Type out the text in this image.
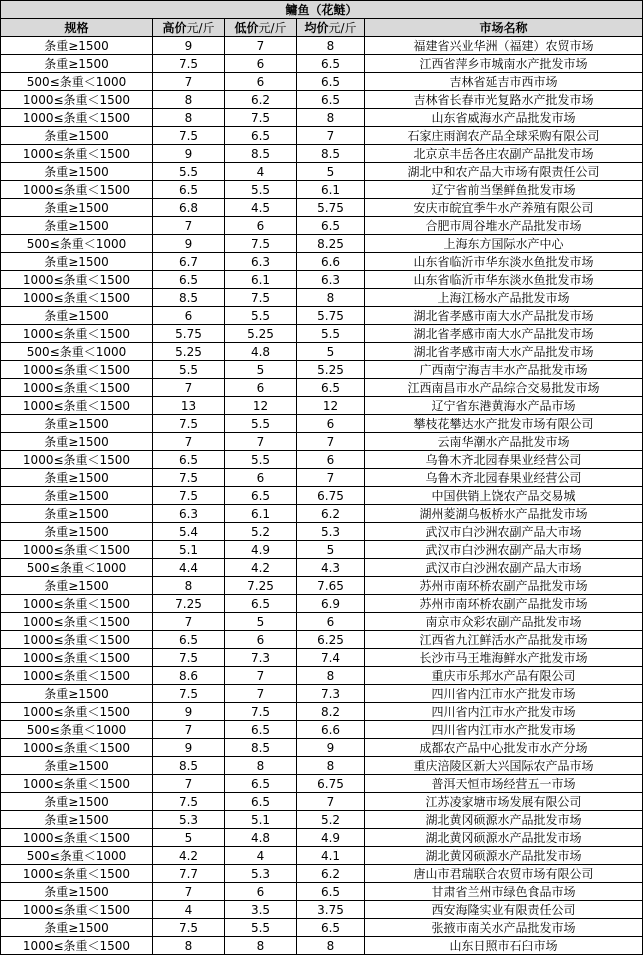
鳙鱼（花鲢）				
规格	高价元/斤	低价元/斤	均价元/斤	市场名称
条重≥1500	9	7	8	福建省兴业华洲（福建）农贸市场
条重≥1500	7.5	6	6.5	江西省萍乡市城南水产批发市场
500≤条重＜1000	7	6	6.5	吉林省延吉市西市场
1000≤条重＜1500	8	6.2	6.5	吉林省长春市光复路水产批发市场
1000≤条重＜1500	8	7.5	8	山东省威海水产品批发市场
条重≥1500	7.5	6.5	7	石家庄雨润农产品全球采购有限公司
1000≤条重＜1500	9	8.5	8.5	北京京丰岳各庄农副产品批发市场
条重≥1500	5.5	4	5	湖北中和农产品大市场有限责任公司
1000≤条重＜1500	6.5	5.5	6.1	辽宁省前当堡鲜鱼批发市场
条重≥1500	6.8	4.5	5.75	安庆市皖宜季牛水产养殖有限公司
条重≥1500	7	6	6.5	合肥市周谷堆水产品批发市场
500≤条重＜1000	9	7.5	8.25	上海东方国际水产中心
条重≥1500	6.7	6.3	6.6	山东省临沂市华东淡水鱼批发市场
1000≤条重＜1500	6.5	6.1	6.3	山东省临沂市华东淡水鱼批发市场
1000≤条重＜1500	8.5	7.5	8	上海江杨水产品批发市场
条重≥1500	6	5.5	5.75	湖北省孝感市南大水产品批发市场
1000≤条重＜1500	5.75	5.25	5.5	湖北省孝感市南大水产品批发市场
500≤条重＜1000	5.25	4.8	5	湖北省孝感市南大水产品批发市场
1000≤条重＜1500	5.5	5	5.25	广西南宁海吉丰水产品批发市场
1000≤条重＜1500	7	6	6.5	江西南昌市水产品综合交易批发市场
1000≤条重＜1500	13	12	12	辽宁省东港黄海水产品市场
条重≥1500	7.5	5.5	6	攀枝花攀达水产批发市场有限公司
条重≥1500	7	7	7	云南华潮水产品批发市场
1000≤条重＜1500	6.5	5.5	6	乌鲁木齐北园春果业经营公司
条重≥1500	7.5	6	7	乌鲁木齐北园春果业经营公司
条重≥1500	7.5	6.5	6.75	中国供销上饶农产品交易城
条重≥1500	6.3	6.1	6.2	湖州菱湖乌板桥水产品批发市场
条重≥1500	5.4	5.2	5.3	武汉市白沙洲农副产品大市场
1000≤条重＜1500	5.1	4.9	5	武汉市白沙洲农副产品大市场
500≤条重＜1000	4.4	4.2	4.3	武汉市白沙洲农副产品大市场
条重≥1500	8	7.25	7.65	苏州市南环桥农副产品批发市场
1000≤条重＜1500	7.25	6.5	6.9	苏州市南环桥农副产品批发市场
1000≤条重＜1500	7	5	6	南京市众彩农副产品批发市场
1000≤条重＜1500	6.5	6	6.25	江西省九江鲜活水产品批发市场
1000≤条重＜1500	7.5	7.3	7.4	长沙市马王堆海鲜水产批发市场
1000≤条重＜1500	8.6	7	8	重庆市乐邦水产品有限公司
条重≥1500	7.5	7	7.3	四川省内江市水产批发市场
1000≤条重＜1500	9	7.5	8.2	四川省内江市水产批发市场
500≤条重＜1000	7	6.5	6.6	四川省内江市水产批发市场
1000≤条重＜1500	9	8.5	9	成都农产品中心批发市水产分场
条重≥1500	8.5	8	8	重庆涪陵区新大兴国际农产品市场
1000≤条重＜1500	7	6.5	6.75	普洱天恒市场经营五一市场
条重≥1500	7.5	6.5	7	江苏凌家塘市场发展有限公司
条重≥1500	5.3	5.1	5.2	湖北黄冈硕源水产品批发市场
1000≤条重＜1500	5	4.8	4.9	湖北黄冈硕源水产品批发市场
500≤条重＜1000	4.2	4	4.1	湖北黄冈硕源水产品批发市场
1000≤条重＜1500	7.7	5.3	6.2	唐山市君瑞联合农贸市场有限公司
条重≥1500	7	6	6.5	甘肃省兰州市绿色食品市场
1000≤条重＜1500	4	3.5	3.75	西安海隆实业有限责任公司
条重≥1500	7.5	5.5	6.5	张掖市南关水产品批发市场
1000≤条重＜1500	8	8	8	山东日照市石臼市场
